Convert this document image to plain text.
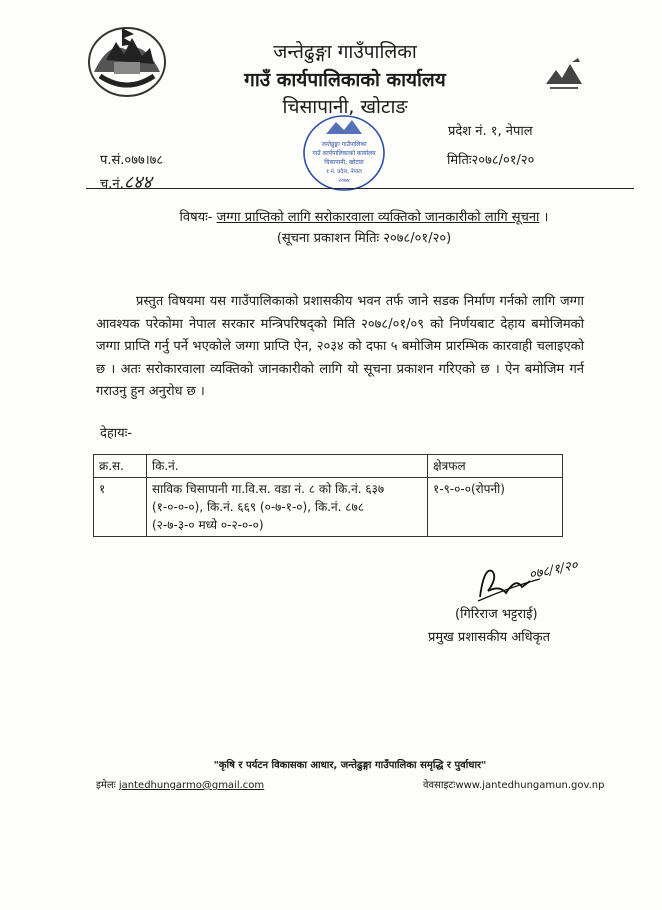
जन्तेढुङ्गा गाउँपालिका
गाउँ कार्यपालिकाको कार्यालय
चिसापानी, खोटाङ
जन्तेढुङ्गा गाउँपालिका
गाउँ कार्यपालिकाको कार्यालय
चिसापानी, खोटाङ
१ नं. प्रदेश, नेपाल
२०७४
प्रदेश नं. १, नेपाल
प.सं.०७७।७८	मितिः२०७८/०१/२०
च.नं.८४४
विषयः- जग्गा प्राप्तिको लागि सरोकारवाला व्यक्तिको जानकारीको लागि सूचना ।
(सूचना प्रकाशन मितिः २०७८/०१/२०)
प्रस्तुत विषयमा यस गाउँपालिकाको प्रशासकीय भवन तर्फ जाने सडक निर्माण गर्नको लागि जग्गा आवश्यक परेकोमा नेपाल सरकार मन्त्रिपरिषद्को मिति २०७८/०१/०९ को निर्णयबाट देहाय बमोजिमको जग्गा प्राप्ति गर्नु पर्ने भएकोले जग्गा प्राप्ति ऐन, २०३४ को दफा ५ बमोजिम प्रारम्भिक कारवाही चलाइएको छ । अतः सरोकारवाला व्यक्तिको जानकारीको लागि यो सूचना प्रकाशन गरिएको छ । ऐन बमोजिम गर्न गराउनु हुन अनुरोध छ ।
देहायः-
क्र.स.	कि.नं.	क्षेत्रफल
१	साविक चिसापानी गा.वि.स. वडा नं. ८ को कि.नं. ६३७
(१-०-०-०), कि.नं. ६६९ (०-७-१-०), कि.नं. ८७८
(२-७-३-० मध्ये ०-२-०-०)	१-९-०-०(रोपनी)
०७८/१/२०
(गिरिराज भट्टराई)
प्रमुख प्रशासकीय अधिकृत
"कृषि र पर्यटन विकासका आधार, जन्तेढुङ्गा गाउँपालिका समृद्धि र पुर्वाधार"
इमेलः jantedhungarmo@gmail.com	वेवसाइटःwww.jantedhungamun.gov.np
